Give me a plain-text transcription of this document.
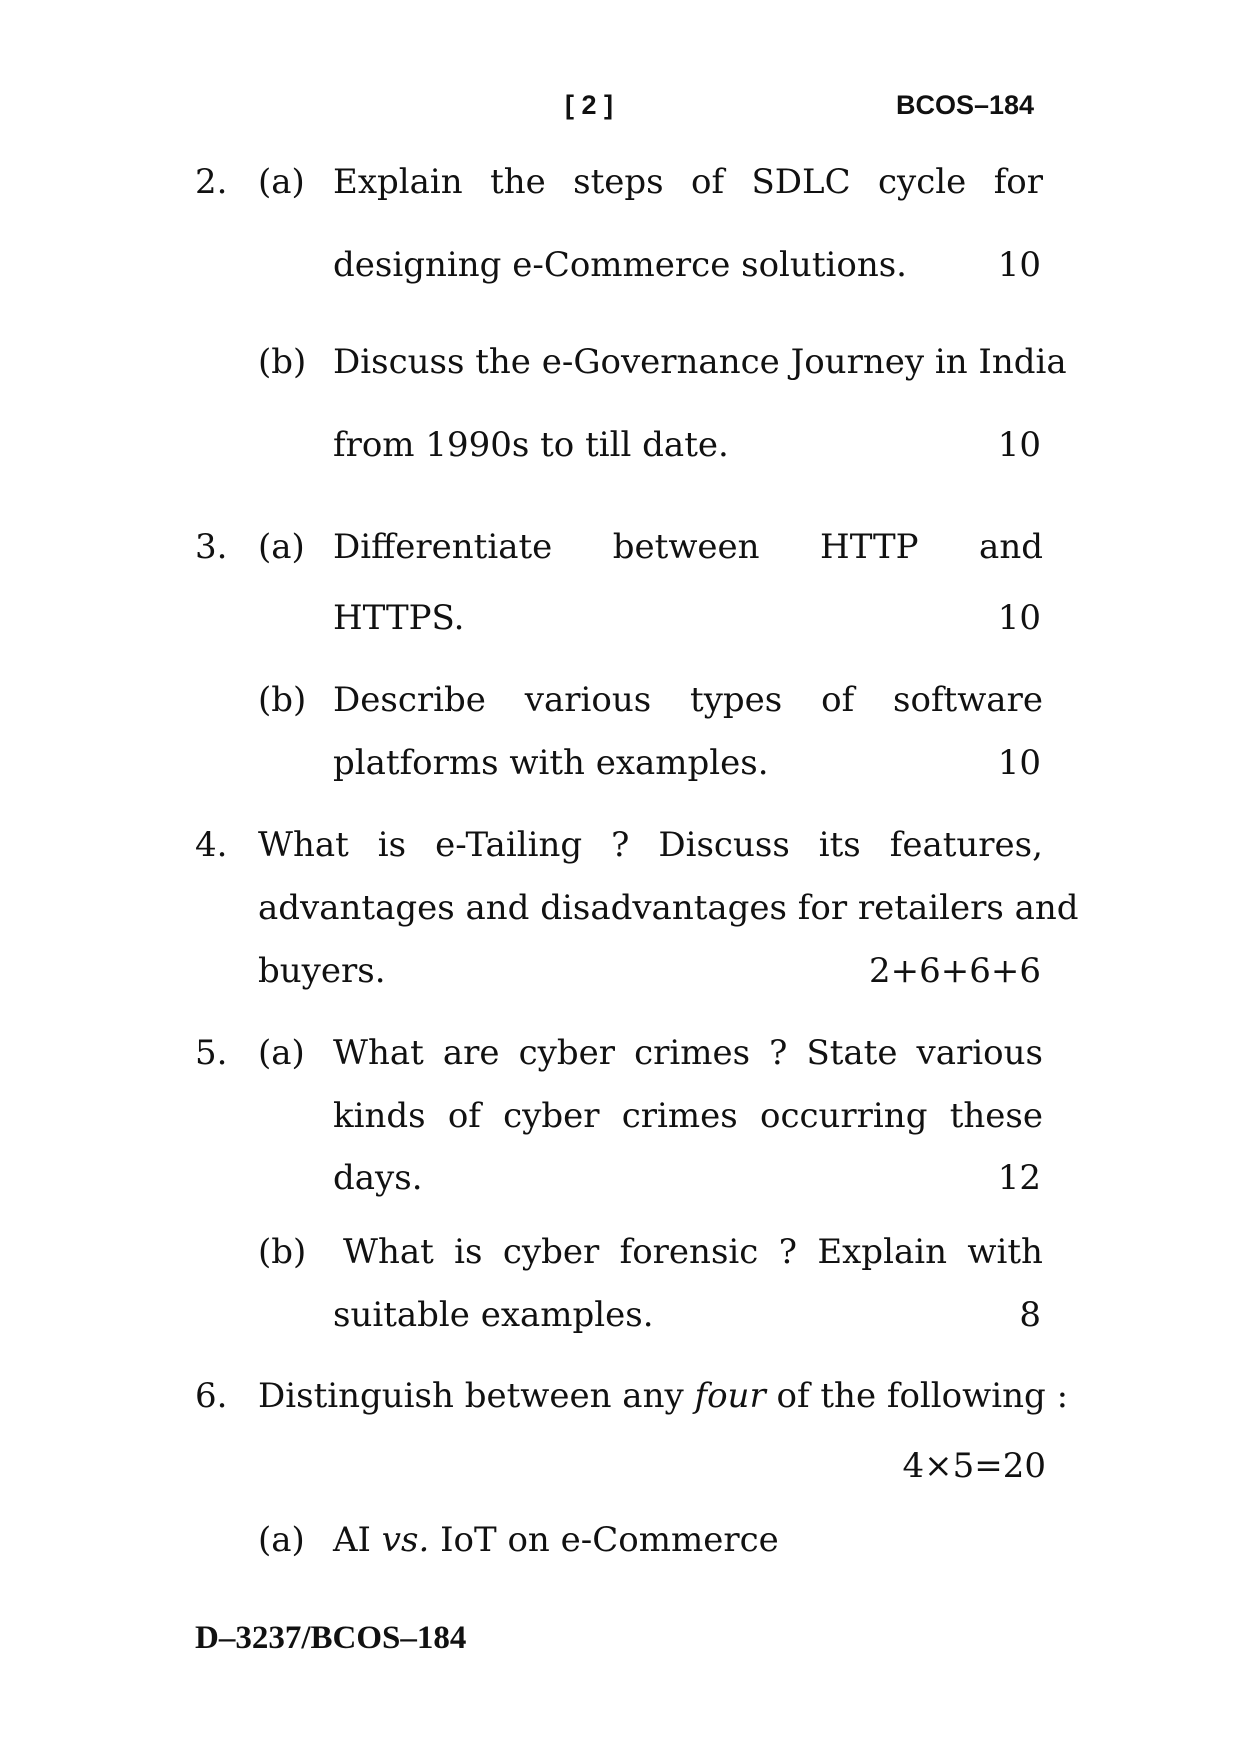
[ 2 ]	BCOS–184
2. (a) Explain the steps of SDLC cycle for
designing e-Commerce solutions.	10
(b) Discuss the e-Governance Journey in India
from 1990s to till date.	10
3. (a) Differentiate between HTTP and
HTTPS.	10
(b) Describe various types of software
platforms with examples.	10
4. What is e-Tailing ? Discuss its features,
advantages and disadvantages for retailers and
buyers.	2+6+6+6
5. (a) What are cyber crimes ? State various
kinds of cyber crimes occurring these
days.	12
(b) What is cyber forensic ? Explain with
suitable examples.	8
6. Distinguish between any four of the following :
4×5=20
(a) AI vs. IoT on e-Commerce
D–3237/BCOS–184
